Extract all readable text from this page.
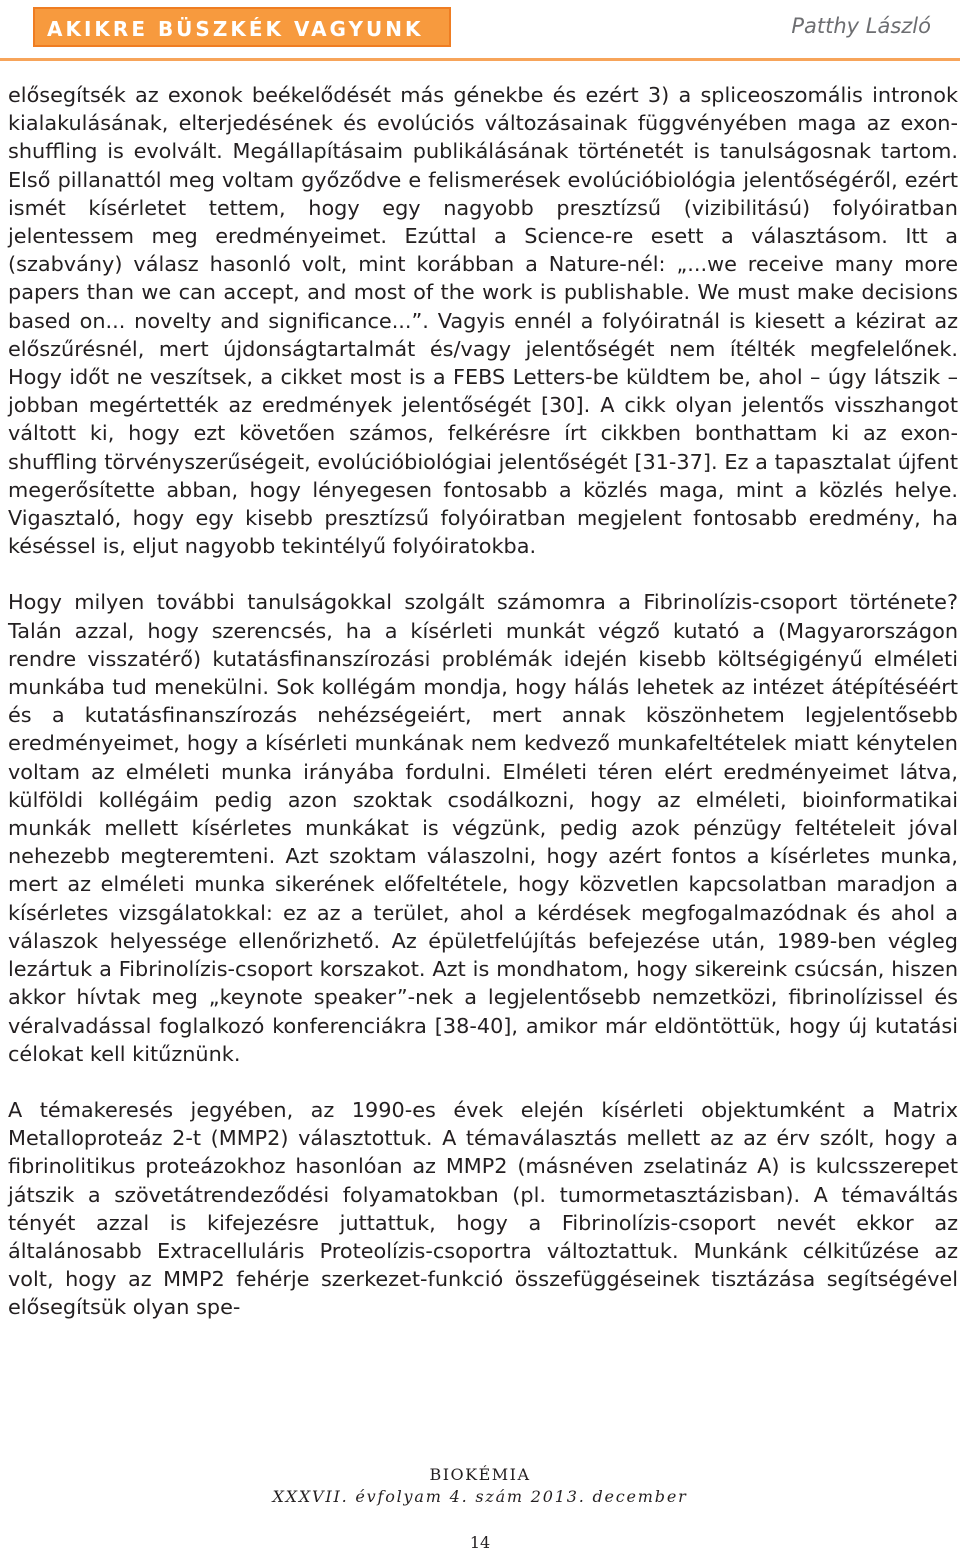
AKIKRE BÜSZKÉK VAGYUNK	Patthy László

elősegítsék az exonok beékelődését más génekbe és ezért 3) a spliceoszomális intronok kialakulásának, elterjedésének és evolúciós változásainak függvényében maga az exon-shuffling is evolvált. Megállapításaim publikálásának történetét is tanulságosnak tartom. Első pillanattól meg voltam győződve e felismerések evolúcióbiológia jelentőségéről, ezért ismét kísérletet tettem, hogy egy nagyobb presztízsű (vizibilitású) folyóiratban jelentessem meg eredményeimet. Ezúttal a Science-re esett a választásom. Itt a (szabvány) válasz hasonló volt, mint korábban a Nature-nél: „...we receive many more papers than we can accept, and most of the work is publishable. We must make decisions based on... novelty and significance...”. Vagyis ennél a folyóiratnál is kiesett a kézirat az előszűrésnél, mert újdonságtartalmát és/vagy jelentőségét nem ítélték megfelelőnek. Hogy időt ne veszítsek, a cikket most is a FEBS Letters-be küldtem be, ahol – úgy látszik – jobban megértették az eredmények jelentőségét [30]. A cikk olyan jelentős visszhangot váltott ki, hogy ezt követően számos, felkérésre írt cikkben bonthattam ki az exon-shuffling törvényszerűségeit, evolúcióbiológiai jelentőségét [31-37]. Ez a tapasztalat újfent megerősítette abban, hogy lényegesen fontosabb a közlés maga, mint a közlés helye. Vigasztaló, hogy egy kisebb presztízsű folyóiratban megjelent fontosabb eredmény, ha késéssel is, eljut nagyobb tekintélyű folyóiratokba.

Hogy milyen további tanulságokkal szolgált számomra a Fibrinolízis-csoport története? Talán azzal, hogy szerencsés, ha a kísérleti munkát végző kutató a (Magyarországon rendre visszatérő) kutatásfinanszírozási problémák idején kisebb költségigényű elméleti munkába tud menekülni. Sok kollégám mondja, hogy hálás lehetek az intézet átépítéséért és a kutatásfinanszírozás nehézségeiért, mert annak köszönhetem legjelentősebb eredményeimet, hogy a kísérleti munkának nem kedvező munkafeltételek miatt kénytelen voltam az elméleti munka irányába fordulni. Elméleti téren elért eredményeimet látva, külföldi kollégáim pedig azon szoktak csodálkozni, hogy az elméleti, bioinformatikai munkák mellett kísérletes munkákat is végzünk, pedig azok pénzügy feltételeit jóval nehezebb megteremteni. Azt szoktam válaszolni, hogy azért fontos a kísérletes munka, mert az elméleti munka sikerének előfeltétele, hogy közvetlen kapcsolatban maradjon a kísérletes vizsgálatokkal: ez az a terület, ahol a kérdések megfogalmazódnak és ahol a válaszok helyessége ellenőrizhető. Az épületfelújítás befejezése után, 1989-ben végleg lezártuk a Fibrinolízis-csoport korszakot. Azt is mondhatom, hogy sikereink csúcsán, hiszen akkor hívtak meg „keynote speaker”-nek a legjelentősebb nemzetközi, fibrinolízissel és véralvadással foglalkozó konferenciákra [38-40], amikor már eldöntöttük, hogy új kutatási célokat kell kitűznünk.

A témakeresés jegyében, az 1990-es évek elején kísérleti objektumként a Matrix Metalloproteáz 2-t (MMP2) választottuk. A témaválasztás mellett az az érv szólt, hogy a fibrinolitikus proteázokhoz hasonlóan az MMP2 (másnéven zselatináz A) is kulcsszerepet játszik a szövetátrendeződési folyamatokban (pl. tumormetasztázisban). A témaváltás tényét azzal is kifejezésre juttattuk, hogy a Fibrinolízis-csoport nevét ekkor az általánosabb Extracelluláris Proteolízis-csoportra változtattuk. Munkánk célkitűzése az volt, hogy az MMP2 fehérje szerkezet-funkció összefüggéseinek tisztázása segítségével elősegítsük olyan spe-

BIOKÉMIA
XXXVII. évfolyam 4. szám 2013. december
14
